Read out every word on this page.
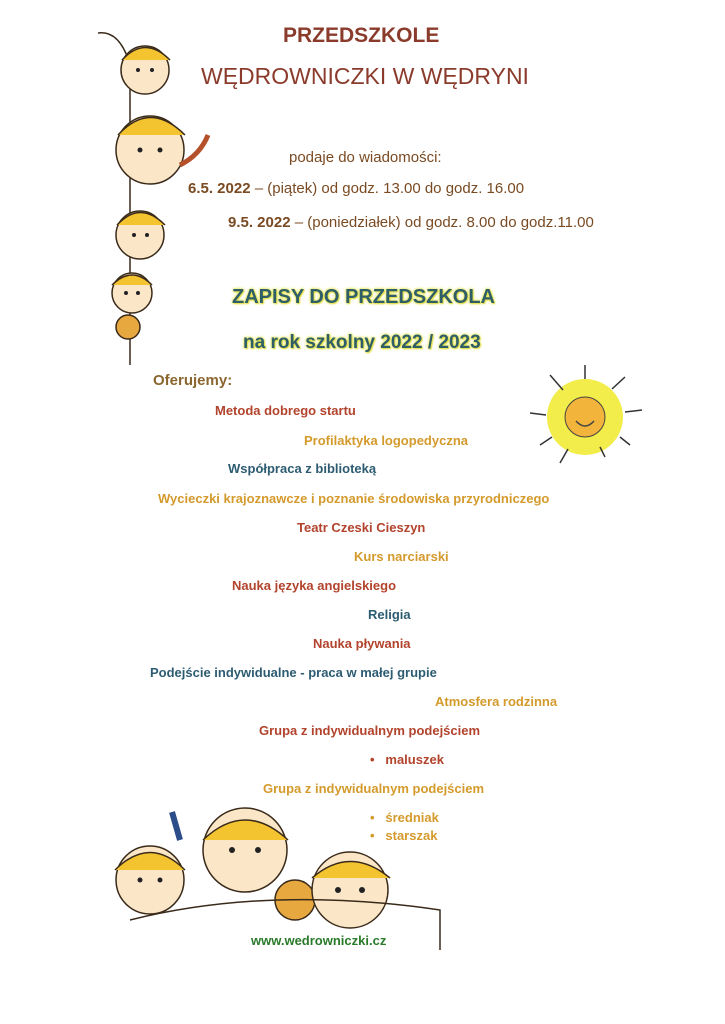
PRZEDSZKOLE
WĘDROWNICZKI W WĘDRYNI
podaje do wiadomości:
6.5. 2022 – (piątek) od godz. 13.00 do godz. 16.00
9.5. 2022 – (poniedziałek) od godz. 8.00 do godz.11.00
ZAPISY DO PRZEDSZKOLA
na rok szkolny 2022 / 2023
Oferujemy:
Metoda dobrego startu
Profilaktyka logopedyczna
Współpraca z biblioteką
Wycieczki krajoznawcze i poznanie środowiska przyrodniczego
Teatr Czeski Cieszyn
Kurs narciarski
Nauka języka angielskiego
Religia
Nauka pływania
Podejście indywidualne - praca w małej grupie
Atmosfera rodzinna
Grupa z indywidualnym podejściem
•   maluszek
Grupa z indywidualnym podejściem
•   średniak
•   starszak
www.wedrowniczki.cz
